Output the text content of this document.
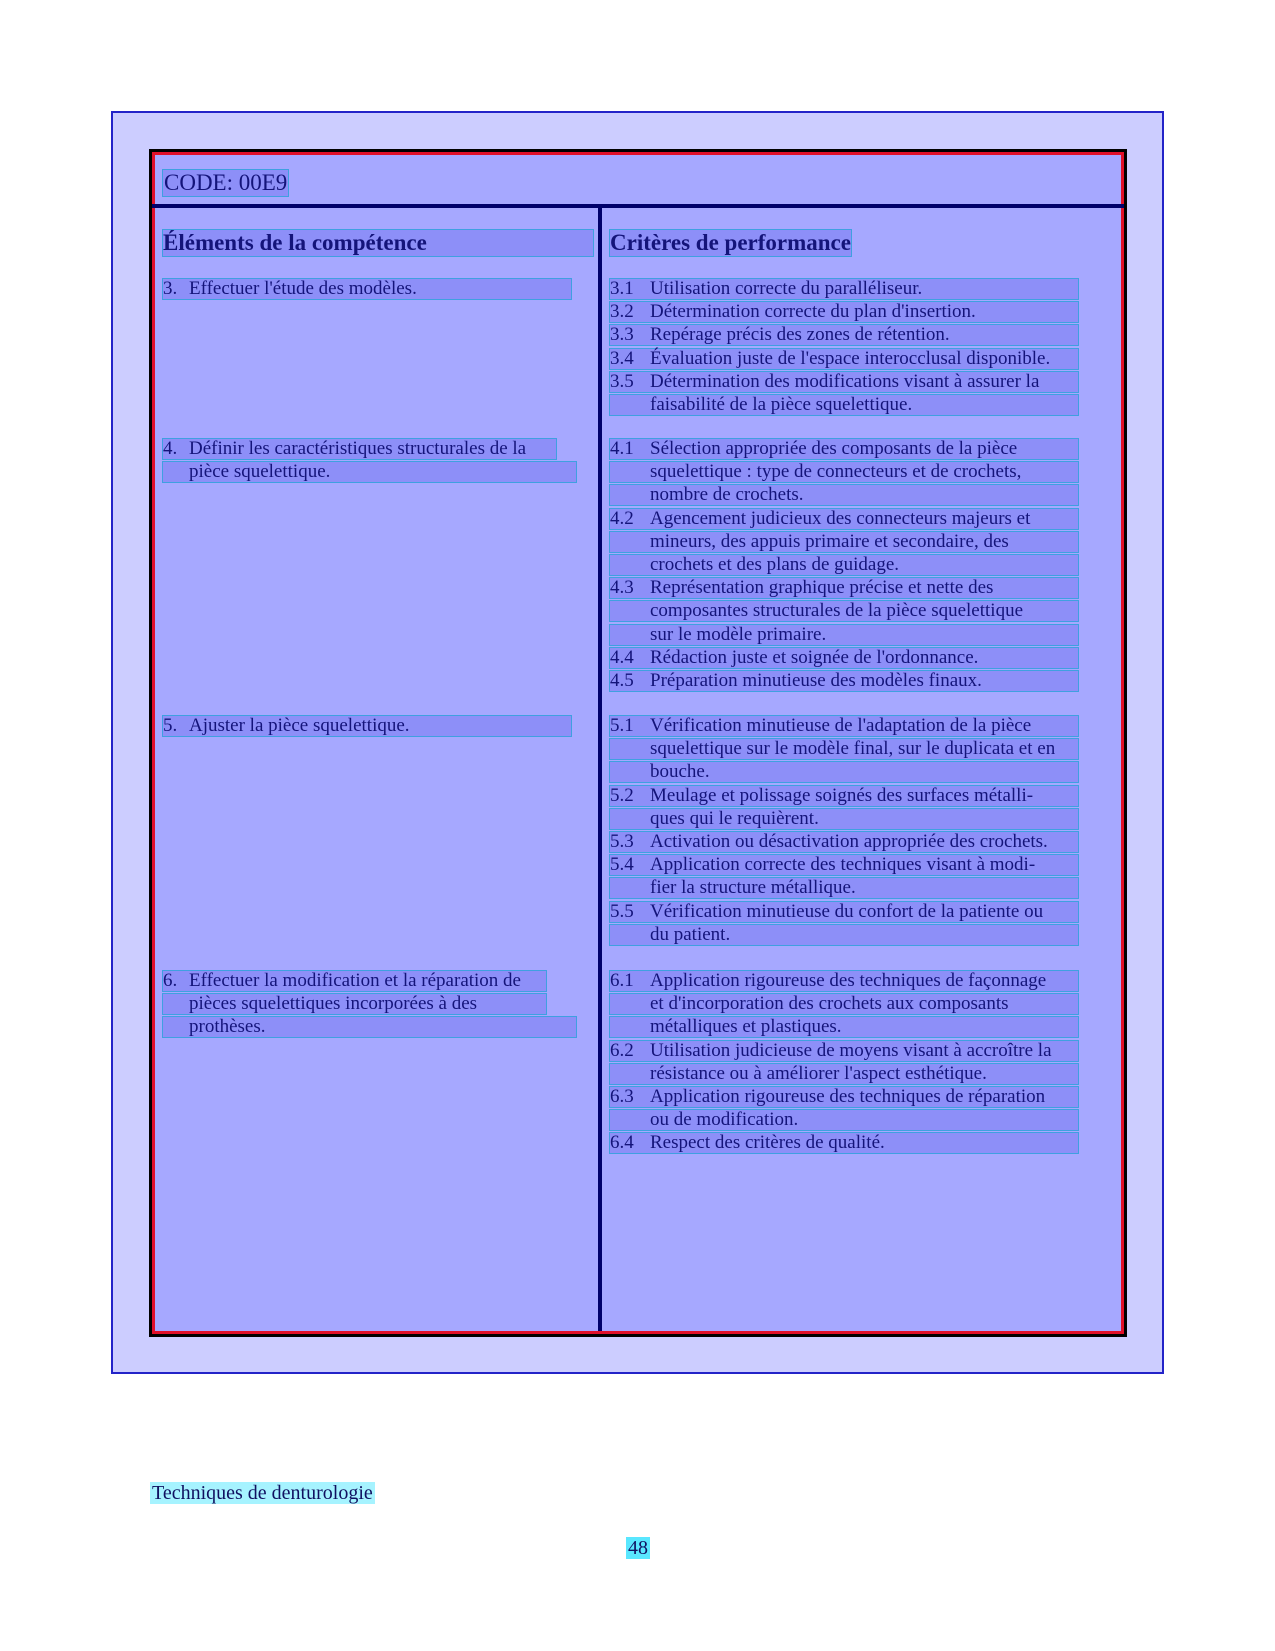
CODE: 00E9
Éléments de la compétence	Critères de performance
3. Effectuer l'étude des modèles.
4. Définir les caractéristiques structurales de la
pièce squelettique.
5. Ajuster la pièce squelettique.
6. Effectuer la modification et la réparation de
pièces squelettiques incorporées à des
prothèses.
3.1 Utilisation correcte du paralléliseur.
3.2 Détermination correcte du plan d'insertion.
3.3 Repérage précis des zones de rétention.
3.4 Évaluation juste de l'espace interocclusal disponible.
3.5 Détermination des modifications visant à assurer la
faisabilité de la pièce squelettique.
4.1 Sélection appropriée des composants de la pièce
squelettique : type de connecteurs et de crochets,
nombre de crochets.
4.2 Agencement judicieux des connecteurs majeurs et
mineurs, des appuis primaire et secondaire, des
crochets et des plans de guidage.
4.3 Représentation graphique précise et nette des
composantes structurales de la pièce squelettique
sur le modèle primaire.
4.4 Rédaction juste et soignée de l'ordonnance.
4.5 Préparation minutieuse des modèles finaux.
5.1 Vérification minutieuse de l'adaptation de la pièce
squelettique sur le modèle final, sur le duplicata et en
bouche.
5.2 Meulage et polissage soignés des surfaces métalli-
ques qui le requièrent.
5.3 Activation ou désactivation appropriée des crochets.
5.4 Application correcte des techniques visant à modi-
fier la structure métallique.
5.5 Vérification minutieuse du confort de la patiente ou
du patient.
6.1 Application rigoureuse des techniques de façonnage
et d'incorporation des crochets aux composants
métalliques et plastiques.
6.2 Utilisation judicieuse de moyens visant à accroître la
résistance ou à améliorer l'aspect esthétique.
6.3 Application rigoureuse des techniques de réparation
ou de modification.
6.4 Respect des critères de qualité.
Techniques de denturologie
48
